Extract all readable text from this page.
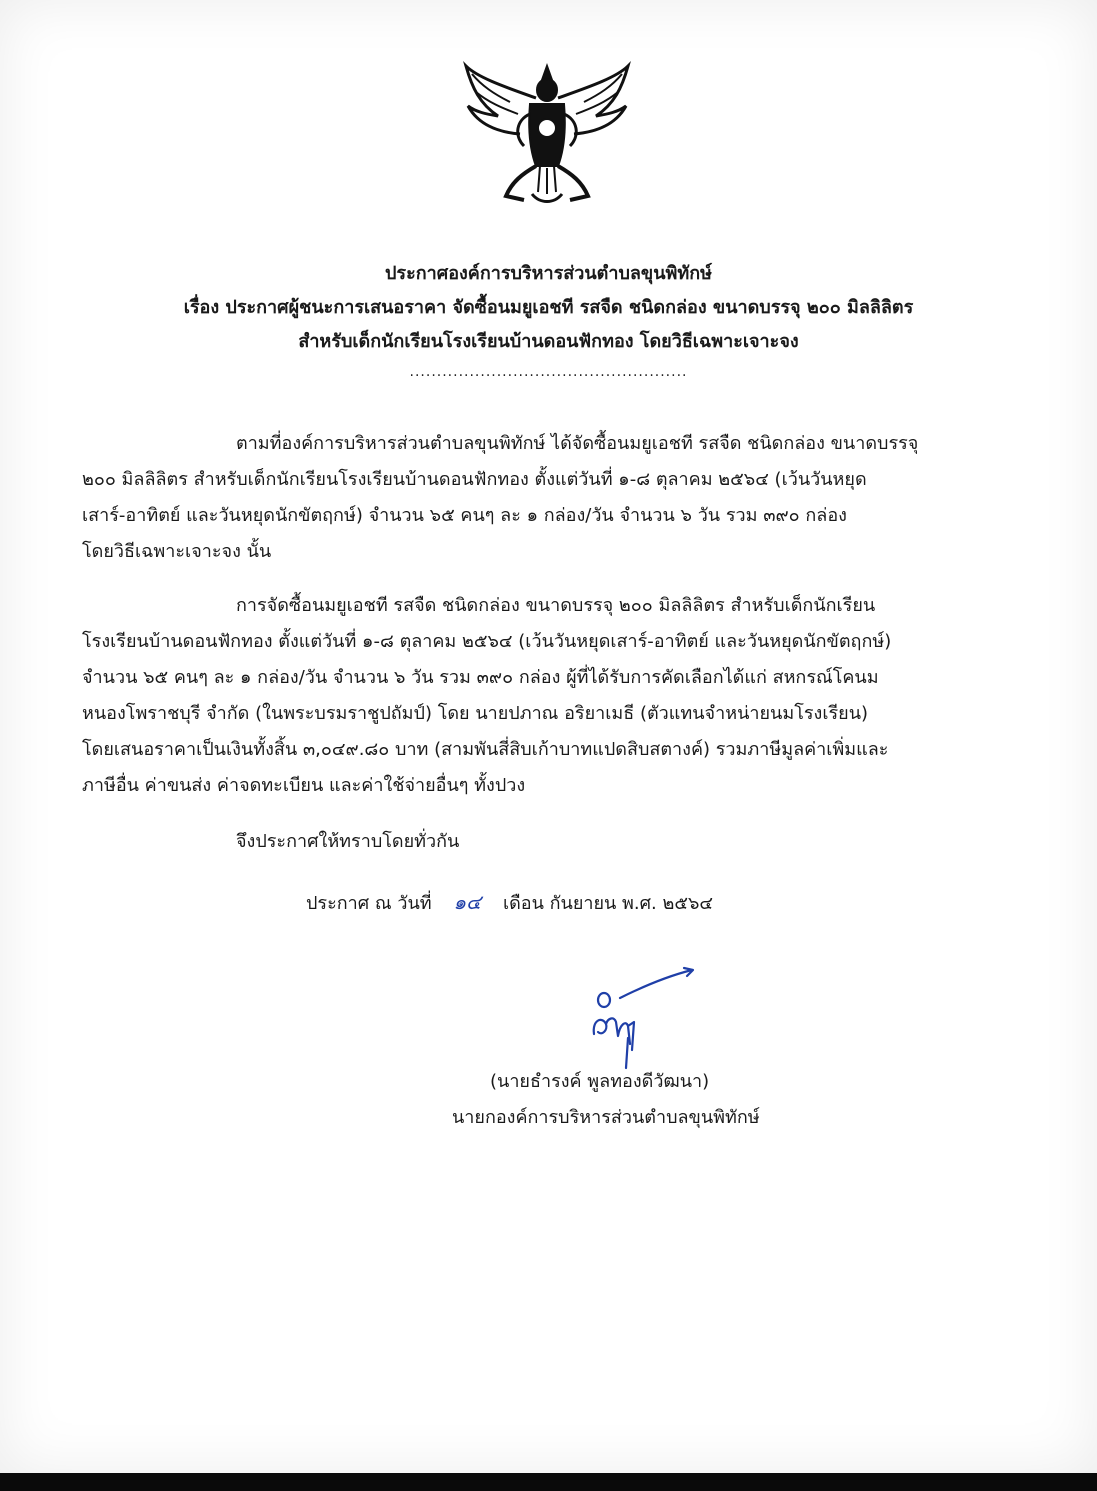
ประกาศองค์การบริหารส่วนตำบลขุนพิทักษ์
เรื่อง ประกาศผู้ชนะการเสนอราคา จัดซื้อนมยูเอชที รสจืด ชนิดกล่อง ขนาดบรรจุ ๒๐๐ มิลลิลิตร
สำหรับเด็กนักเรียนโรงเรียนบ้านดอนฟักทอง โดยวิธีเฉพาะเจาะจง
...................................................
ตามที่องค์การบริหารส่วนตำบลขุนพิทักษ์ ได้จัดซื้อนมยูเอชที รสจืด ชนิดกล่อง ขนาดบรรจุ
๒๐๐ มิลลิลิตร สำหรับเด็กนักเรียนโรงเรียนบ้านดอนฟักทอง ตั้งแต่วันที่ ๑-๘ ตุลาคม ๒๕๖๔ (เว้นวันหยุด
เสาร์-อาทิตย์ และวันหยุดนักขัตฤกษ์) จำนวน ๖๕ คนๆ ละ ๑ กล่อง/วัน จำนวน ๖ วัน รวม ๓๙๐ กล่อง
โดยวิธีเฉพาะเจาะจง นั้น
การจัดซื้อนมยูเอชที รสจืด ชนิดกล่อง ขนาดบรรจุ ๒๐๐ มิลลิลิตร สำหรับเด็กนักเรียน
โรงเรียนบ้านดอนฟักทอง ตั้งแต่วันที่ ๑-๘ ตุลาคม ๒๕๖๔ (เว้นวันหยุดเสาร์-อาทิตย์ และวันหยุดนักขัตฤกษ์)
จำนวน ๖๕ คนๆ ละ ๑ กล่อง/วัน จำนวน ๖ วัน รวม ๓๙๐ กล่อง ผู้ที่ได้รับการคัดเลือกได้แก่ สหกรณ์โคนม
หนองโพราชบุรี จำกัด (ในพระบรมราชูปถัมป์) โดย นายปภาณ อริยาเมธี (ตัวแทนจำหน่ายนมโรงเรียน)
โดยเสนอราคาเป็นเงินทั้งสิ้น ๓,๐๔๙.๘๐ บาท (สามพันสี่สิบเก้าบาทแปดสิบสตางค์) รวมภาษีมูลค่าเพิ่มและ
ภาษีอื่น ค่าขนส่ง ค่าจดทะเบียน และค่าใช้จ่ายอื่นๆ ทั้งปวง
จึงประกาศให้ทราบโดยทั่วกัน
ประกาศ ณ วันที่ ๑๔ เดือน กันยายน พ.ศ. ๒๕๖๔
(นายธำรงค์ พูลทองดีวัฒนา)
นายกองค์การบริหารส่วนตำบลขุนพิทักษ์
